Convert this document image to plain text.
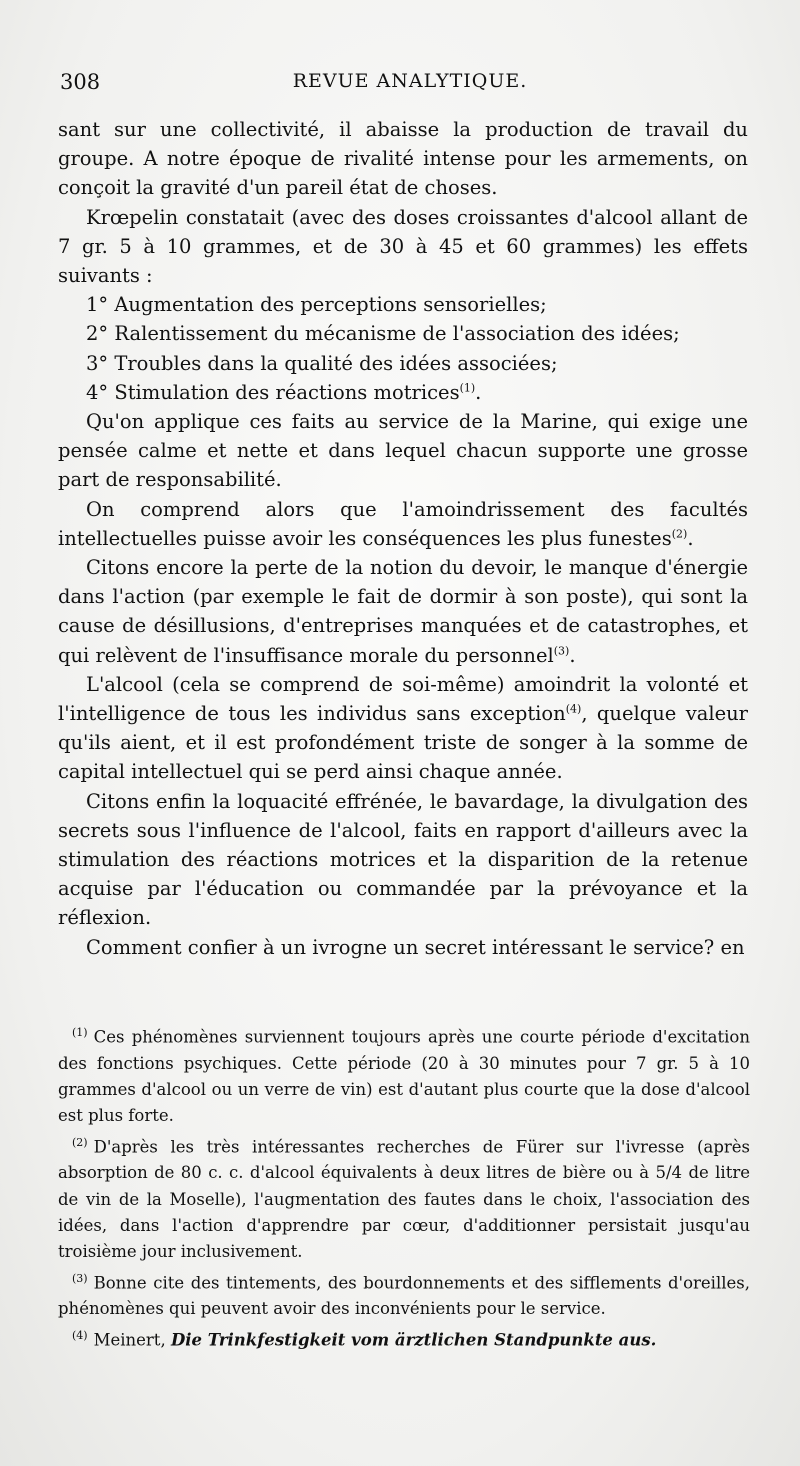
308	REVUE ANALYTIQUE.

sant sur une collectivité, il abaisse la production de travail du groupe. A notre époque de rivalité intense pour les armements, on conçoit la gravité d'un pareil état de choses.

Krœpelin constatait (avec des doses croissantes d'alcool allant de 7 gr. 5 à 10 grammes, et de 30 à 45 et 60 grammes) les effets suivants :

1° Augmentation des perceptions sensorielles;

2° Ralentissement du mécanisme de l'association des idées;

3° Troubles dans la qualité des idées associées;

4° Stimulation des réactions motrices$^{(1)}$.

Qu'on applique ces faits au service de la Marine, qui exige une pensée calme et nette et dans lequel chacun supporte une grosse part de responsabilité.

On comprend alors que l'amoindrissement des facultés intellectuelles puisse avoir les conséquences les plus funestes$^{(2)}$.

Citons encore la perte de la notion du devoir, le manque d'énergie dans l'action (par exemple le fait de dormir à son poste), qui sont la cause de désillusions, d'entreprises manquées et de catastrophes, et qui relèvent de l'insuffisance morale du personnel$^{(3)}$.

L'alcool (cela se comprend de soi-même) amoindrit la volonté et l'intelligence de tous les individus sans exception$^{(4)}$, quelque valeur qu'ils aient, et il est profondément triste de songer à la somme de capital intellectuel qui se perd ainsi chaque année.

Citons enfin la loquacité effrénée, le bavardage, la divulgation des secrets sous l'influence de l'alcool, faits en rapport d'ailleurs avec la stimulation des réactions motrices et la disparition de la retenue acquise par l'éducation ou commandée par la prévoyance et la réflexion.

Comment confier à un ivrogne un secret intéressant le service? en

$^{(1)}$ Ces phénomènes surviennent toujours après une courte période d'excitation des fonctions psychiques. Cette période (20 à 30 minutes pour 7 gr. 5 à 10 grammes d'alcool ou un verre de vin) est d'autant plus courte que la dose d'alcool est plus forte.

$^{(2)}$ D'après les très intéressantes recherches de Fürer sur l'ivresse (après absorption de 80 c. c. d'alcool équivalents à deux litres de bière ou à 5/4 de litre de vin de la Moselle), l'augmentation des fautes dans le choix, l'association des idées, dans l'action d'apprendre par cœur, d'additionner persistait jusqu'au troisième jour inclusivement.

$^{(3)}$ Bonne cite des tintements, des bourdonnements et des sifflements d'oreilles, phénomènes qui peuvent avoir des inconvénients pour le service.

$^{(4)}$ Meinert, Die Trinkfestigkeit vom ärztlichen Standpunkte aus.
